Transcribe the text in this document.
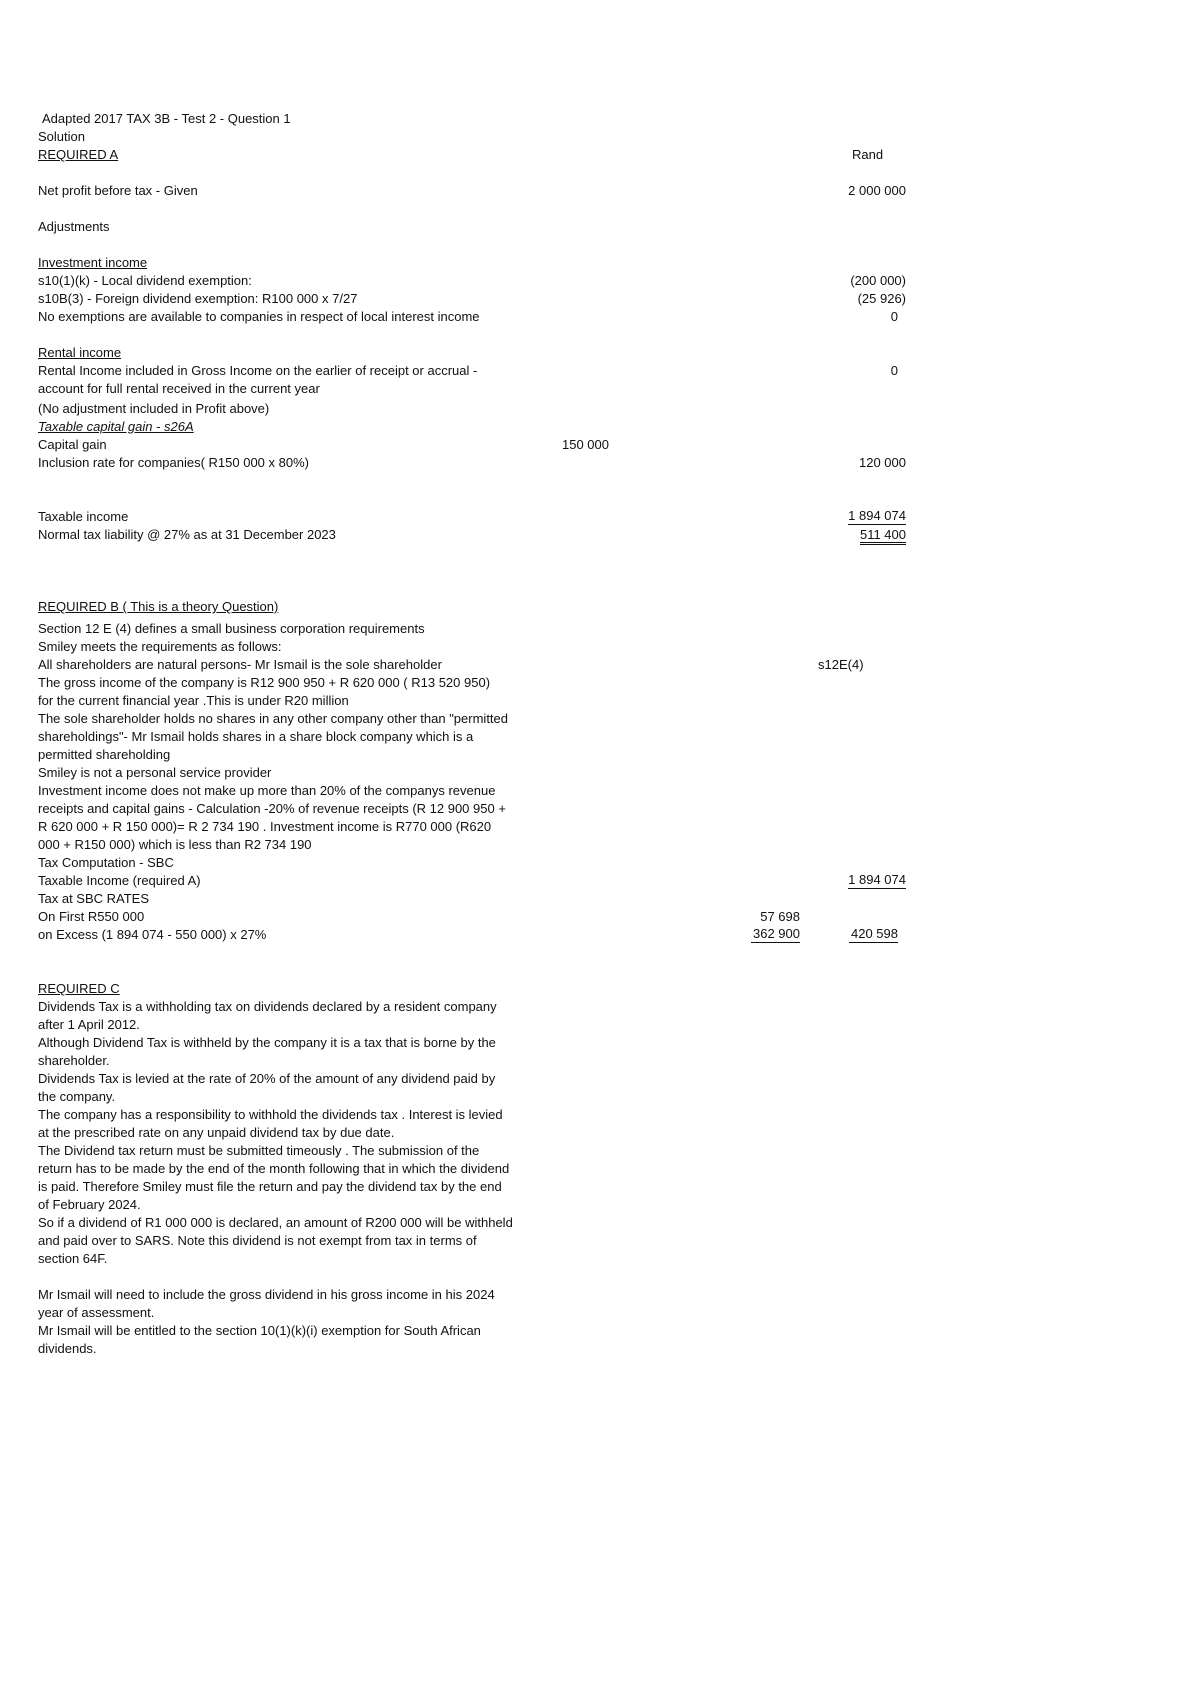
Adapted 2017 TAX 3B - Test 2 - Question 1
Solution
REQUIRED A	Rand
Net profit before tax - Given	2 000 000
Adjustments
Investment income
s10(1)(k) - Local dividend exemption:	(200 000)
s10B(3) - Foreign dividend exemption: R100 000 x 7/27	(25 926)
No exemptions are available to companies in respect of local interest income	0
Rental income
Rental Income included in Gross Income on the earlier of receipt or accrual -	0
account for full rental received in the current year
(No adjustment included in Profit above)
Taxable capital gain - s26A
Capital gain	150 000
Inclusion rate for companies( R150 000 x 80%)	120 000
Taxable income	1 894 074
Normal tax liability @ 27% as at 31 December 2023	511 400
REQUIRED B ( This is a theory Question)
Section 12 E (4) defines a small business corporation requirements
Smiley meets the requirements as follows:
All shareholders are natural persons- Mr Ismail is the sole shareholder	s12E(4)
The gross income of the company is R12 900 950 + R 620 000 ( R13 520 950)
for the current financial year .This is under R20 million
The sole shareholder holds no shares in any other company other than "permitted
shareholdings"- Mr Ismail holds shares in a share block company which is a
permitted shareholding
Smiley is not a personal service provider
Investment income does not make up more than 20% of the companys revenue
receipts and capital gains - Calculation -20% of revenue receipts (R 12 900 950 +
R 620 000 + R 150 000)= R 2 734 190 . Investment income is R770 000 (R620
000 + R150 000) which is less than R2 734 190
Tax Computation - SBC
Taxable Income (required A)	1 894 074
Tax at SBC RATES
On First R550 000	57 698
on Excess (1 894 074 - 550 000) x 27%	362 900	420 598
REQUIRED C
Dividends Tax is a withholding tax on dividends declared by a resident company
after 1 April 2012.
Although Dividend Tax is withheld by the company it is a tax that is borne by the
shareholder.
Dividends Tax is levied at the rate of 20% of the amount of any dividend paid by
the company.
The company has a responsibility to withhold the dividends tax . Interest is levied
at the prescribed rate on any unpaid dividend tax by due date.
The Dividend tax return must be submitted timeously . The submission of the
return has to be made by the end of the month following that in which the dividend
is paid. Therefore Smiley must file the return and pay the dividend tax by the end
of February 2024.
So if a dividend of R1 000 000 is declared, an amount of R200 000 will be withheld
and paid over to SARS. Note this dividend is not exempt from tax in terms of
section 64F.
Mr Ismail will need to include the gross dividend in his gross income in his 2024
year of assessment.
Mr Ismail will be entitled to the section 10(1)(k)(i) exemption for South African
dividends.
